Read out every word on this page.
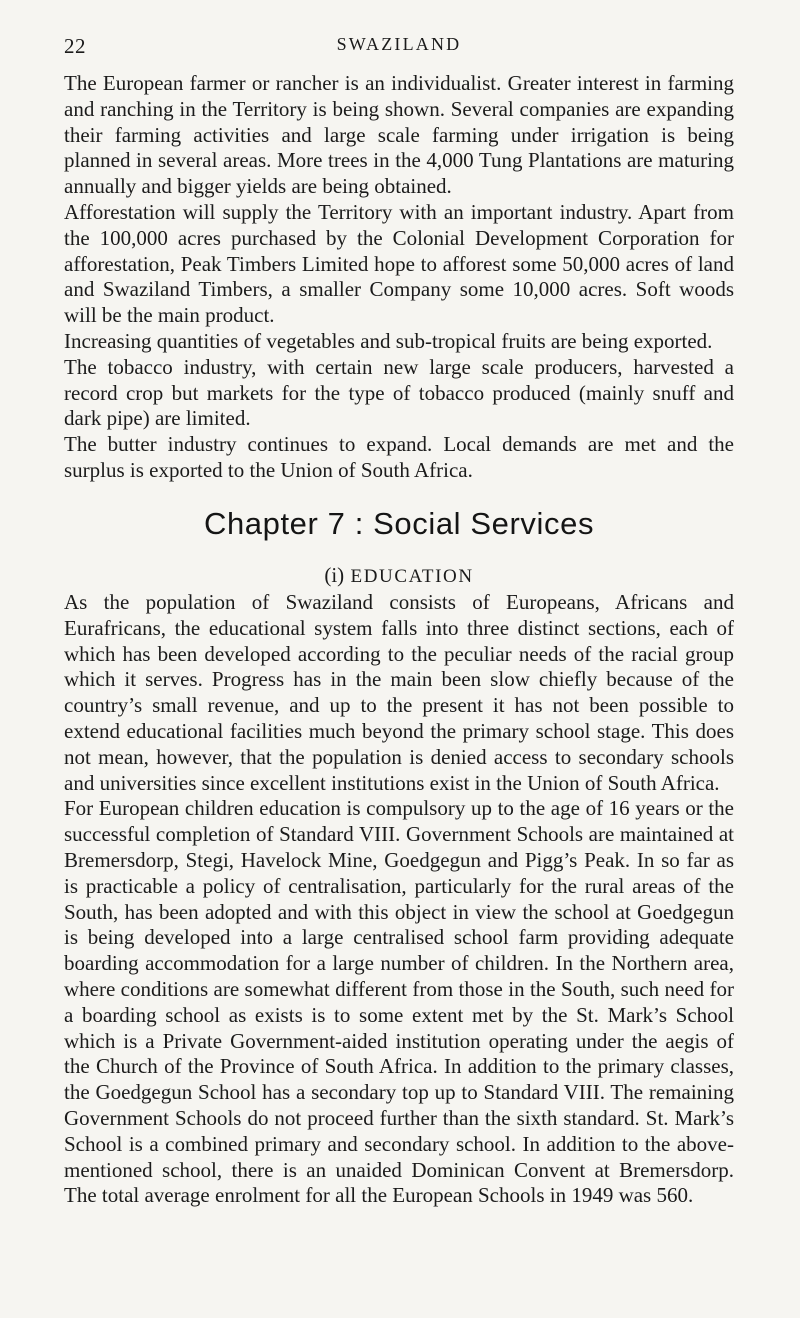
22	SWAZILAND

The European farmer or rancher is an individualist. Greater interest in farming and ranching in the Territory is being shown. Several companies are expanding their farming activities and large scale farming under irrigation is being planned in several areas. More trees in the 4,000 Tung Plantations are maturing annually and bigger yields are being obtained.

Afforestation will supply the Territory with an important industry. Apart from the 100,000 acres purchased by the Colonial Development Corporation for afforestation, Peak Timbers Limited hope to afforest some 50,000 acres of land and Swaziland Timbers, a smaller Company some 10,000 acres. Soft woods will be the main product.

Increasing quantities of vegetables and sub-tropical fruits are being exported.

The tobacco industry, with certain new large scale producers, harvested a record crop but markets for the type of tobacco produced (mainly snuff and dark pipe) are limited.

The butter industry continues to expand. Local demands are met and the surplus is exported to the Union of South Africa.

Chapter 7 : Social Services
(i) EDUCATION

As the population of Swaziland consists of Europeans, Africans and Eurafricans, the educational system falls into three distinct sections, each of which has been developed according to the peculiar needs of the racial group which it serves. Progress has in the main been slow chiefly because of the country’s small revenue, and up to the present it has not been possible to extend educational facilities much beyond the primary school stage. This does not mean, however, that the population is denied access to secondary schools and universities since excellent institutions exist in the Union of South Africa.

For European children education is compulsory up to the age of 16 years or the successful completion of Standard VIII. Government Schools are maintained at Bremersdorp, Stegi, Havelock Mine, Goedgegun and Pigg’s Peak. In so far as is practicable a policy of centralisation, particularly for the rural areas of the South, has been adopted and with this object in view the school at Goedgegun is being developed into a large centralised school farm providing adequate boarding accommodation for a large number of children. In the Northern area, where conditions are somewhat different from those in the South, such need for a boarding school as exists is to some extent met by the St. Mark’s School which is a Private Government-aided institution operating under the aegis of the Church of the Province of South Africa. In addition to the primary classes, the Goedgegun School has a secondary top up to Standard VIII. The remaining Government Schools do not proceed further than the sixth standard. St. Mark’s School is a combined primary and secondary school. In addition to the above-mentioned school, there is an unaided Dominican Convent at Bremersdorp. The total average enrolment for all the European Schools in 1949 was 560.
